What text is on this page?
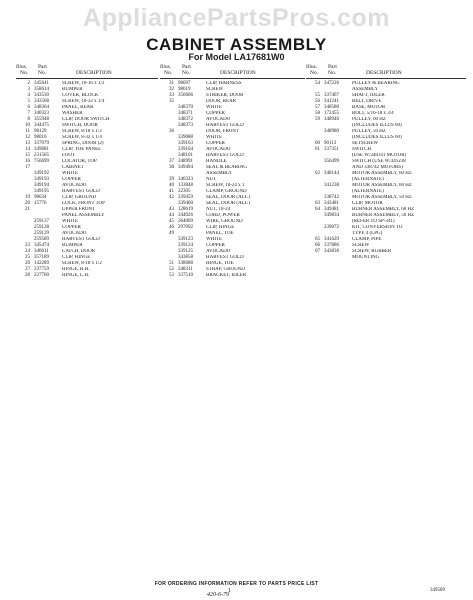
AppliancePartsPros.com
CABINET ASSEMBLY
For Model LA17681W0
Illus.
No.
Part
No.	DESCRIPTION
2 345641	SCREW, 10-16 x 1/2
3 358614	BUMPER
4 343530	COVER, BLOCK
5 343568	SCREW, 10-32 x 1/4
6 348364	PANEL, REAR
7 340323	WASHER
8 355948	CLIP, DOOR SWITCH
10 344475	SWITCH, DOOR
11 98129	SCREW, 8-18 x 1/2
12 98016	SCREW, 8-32 x 1/4
13 337079	SPRING, DOOR (2)
14 349681	CLIP, TOE PANEL
15 231565	FOOT
16 756699	LOCATOR, TOP
17	CABINET
349192	WHITE
349193	COPPER
349194	AVOCADO
349195	HARVEST GOLD
19 98634	CLIP, GROUND
20 15776	LOCK, FRONT TOP
21	UPPER FRONT
PANEL ASSEMBLY
259137	WHITE
259138	COPPER
259139	AVOCADO
259589	HARVEST GOLD
23 345474	BUMPER
24 340611	CATCH, DOOR
25 357189	CLIP, HINGE
26 142289	SCREW, 8-18 x 1/2
27 237759	HINGE, R.H.
28 237760	HINGE, L.H.
Illus.
No.
Part
No.	DESCRIPTION
31 98697	CLIP, HARNESS
32 98619	SCREW
33 356606	STRIKER, DOOR
35	DOOR, REAR
348370	WHITE
348371	COPPER
348372	AVOCADO
348373	HARVEST GOLD
36	DOOR, FRONT
339088	WHITE
339163	COPPER
339164	AVOCADO
348101	HARVEST GOLD
37 348991	HANDLE
38 349494	SEAL & BEARING
ASSEMBLY
39 346323	NUT
40 133848	SCREW, 10-24 x 1
41 22305	CLAMP, GROUND
42 339459	SEAL, DOOR (ALT.)
339460	SEAL, DOOR (ALT.)
43 128619	NUT, 10-24
44 344026	CORD, POWER
45 364069	WIRE, GROUND
46 297092	CLIP, HINGE
49	PANEL, TOE
339123	WHITE
339124	COPPER
339125	AVOCADO
343858	HARVEST GOLD
51 338088	HINGE, TOE
52 348311	STRAP, GROUND
53 337510	BRACKET, IDLER
Illus.
No.
Part
No.	DESCRIPTION
54 347226	PULLEY & BEARING
ASSEMBLY
55 337407	SHAFT, IDLER
56 341241	BELT, DRIVE
57 348580	BASE, MOTOR
58 172455	BOLT, 5/16-18 x 3/4
59 348946	PULLEY, 60 HZ
(INCLUDES ILLUS 60)
348980	PULLEY, 50 HZ
(INCLUDES ILLUS 60)
60 90113	SETSCREW
61 337351	SWITCH
(USE W/348141 MOTOR)
356499	SWITCH (USE W/341238
AND 338742 MOTORS)
62 348144	MOTOR ASSEMBLY, 60 HZ
(ALTERNATE)
341238	MOTOR ASSEMBLY, 60 HZ
(ALTERNATE)
338742	MOTOR ASSEMBLY, 50 HZ
63 343481	CLIP, MOTOR
64 349481	BURNER ASSEMBLY, 60 HZ
349834	BURNER ASSEMBLY, 50 HZ
(REFER TO SP-341)
239072	KIT, CONVERSION TO
TYPE 4 (LPG)
65 341629	CLAMP, PIPE
66 337886	SCREW
67 343836	SCREW, RUBBER
MOUNTING
FOR ORDERING INFORMATION REFER TO PARTS PRICE LIST
1	349589
420-6-79
